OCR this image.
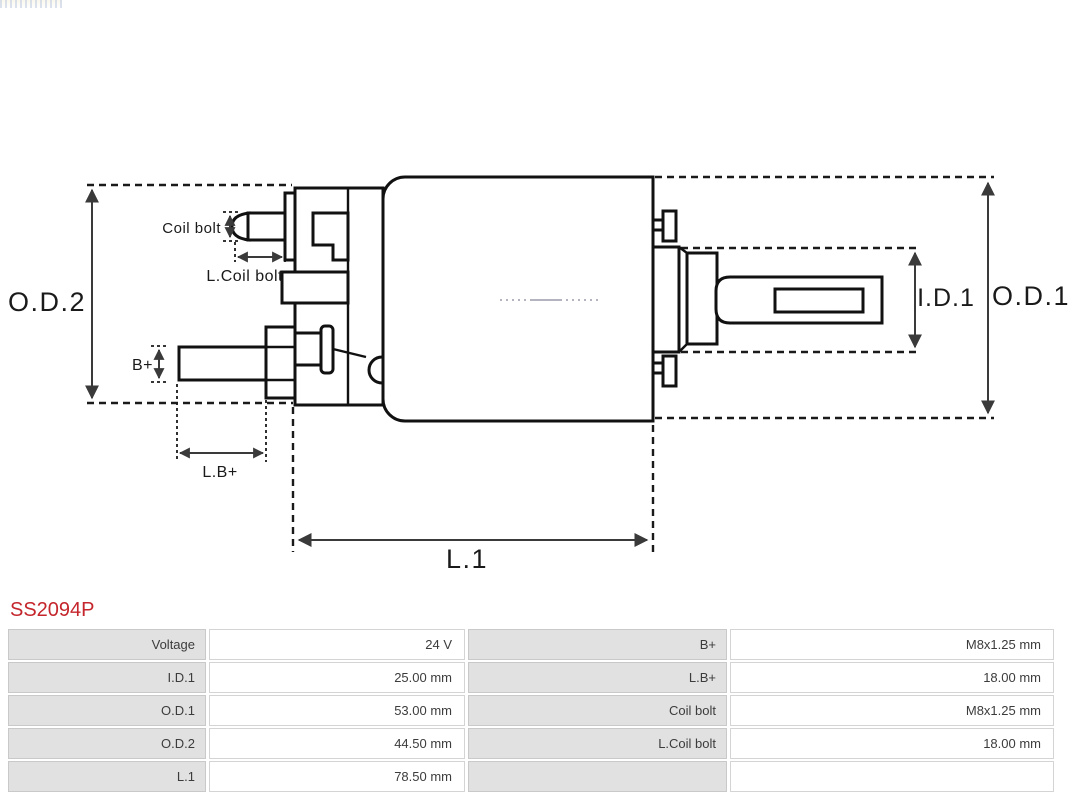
O.D.2	O.D.1
I.D.1
L.1
Coil bolt
L.Coil bolt
B+
L.B+
SS2094P
Voltage	24 V	B+	M8x1.25 mm
I.D.1	25.00 mm	L.B+	18.00 mm
O.D.1	53.00 mm	Coil bolt	M8x1.25 mm
O.D.2	44.50 mm	L.Coil bolt	18.00 mm
L.1	78.50 mm
